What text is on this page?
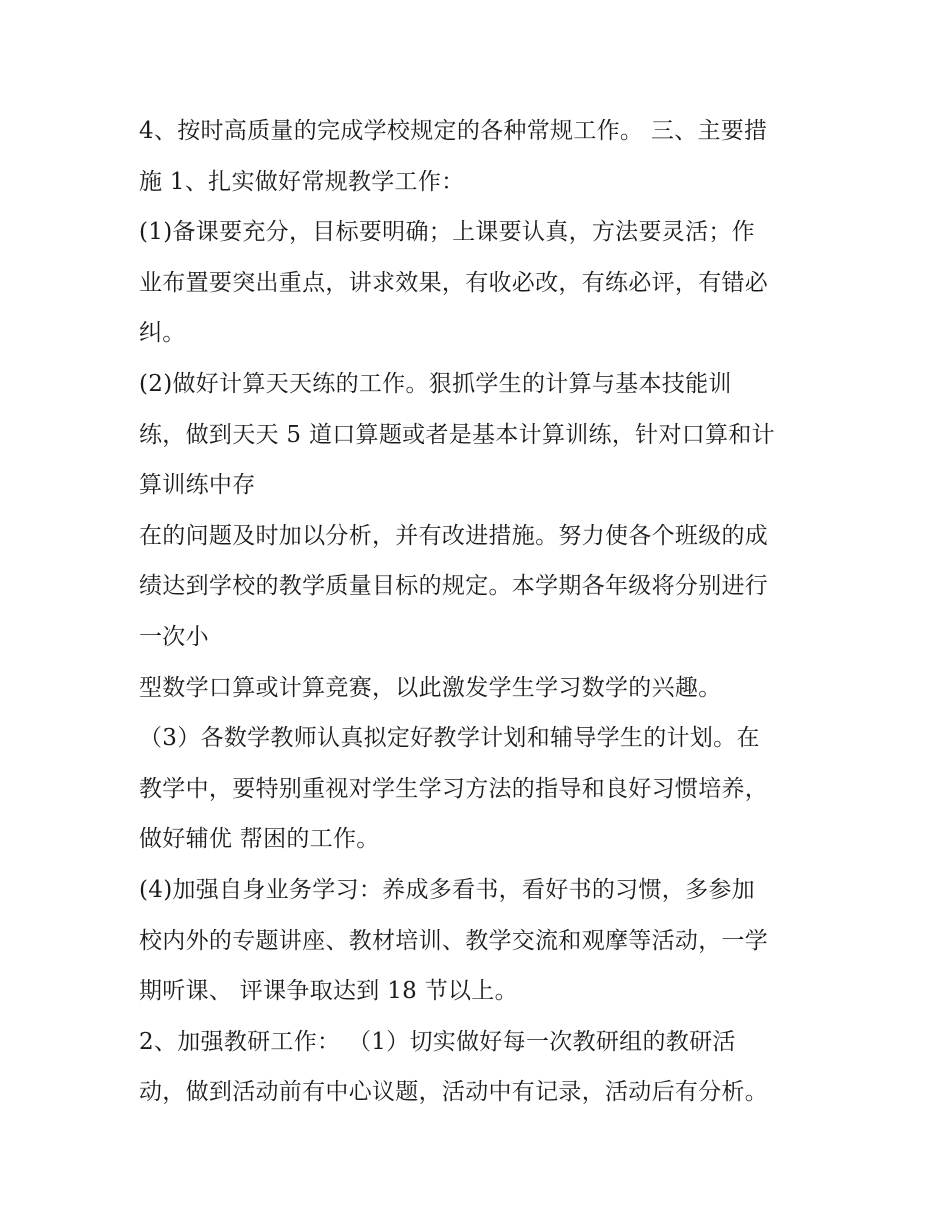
4、按时高质量的完成学校规定的各种常规工作。 三、主要措
施 1、扎实做好常规教学工作：
(1)备课要充分，目标要明确；上课要认真，方法要灵活；作
业布置要突出重点，讲求效果，有收必改，有练必评，有错必
纠。
(2)做好计算天天练的工作。狠抓学生的计算与基本技能训
练，做到天天 5 道口算题或者是基本计算训练，针对口算和计
算训练中存
在的问题及时加以分析，并有改进措施。努力使各个班级的成
绩达到学校的教学质量目标的规定。本学期各年级将分别进行
一次小
型数学口算或计算竞赛，以此激发学生学习数学的兴趣。
（3）各数学教师认真拟定好教学计划和辅导学生的计划。在
教学中，要特别重视对学生学习方法的指导和良好习惯培养，
做好辅优 帮困的工作。
(4)加强自身业务学习：养成多看书，看好书的习惯，多参加
校内外的专题讲座、教材培训、教学交流和观摩等活动，一学
期听课、 评课争取达到 18 节以上。
2、加强教研工作： （1）切实做好每一次教研组的教研活
动，做到活动前有中心议题，活动中有记录，活动后有分析。
